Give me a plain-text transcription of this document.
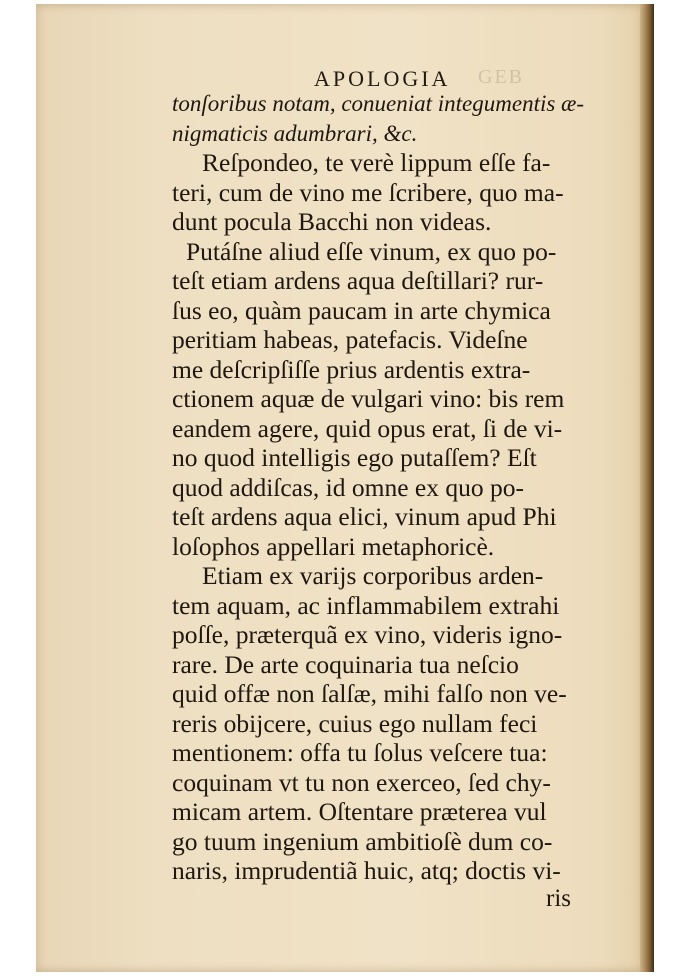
APOLOGIA GEB
tonſoribus notam, conueniat integumentis æ-
nigmaticis adumbrari, &c.
Reſpondeo, te verè lippum eſſe fa-
teri, cum de vino me ſcribere, quo ma-
dunt pocula Bacchi non videas.
Putáſne aliud eſſe vinum, ex quo po-
teſt etiam ardens aqua deſtillari? rur-
ſus eo, quàm paucam in arte chymica
peritiam habeas, patefacis. Videſne
me deſcripſiſſe prius ardentis extra-
ctionem aquæ de vulgari vino: bis rem
eandem agere, quid opus erat, ſi de vi-
no quod intelligis ego putaſſem? Eſt
quod addiſcas, id omne ex quo po-
teſt ardens aqua elici, vinum apud Phi
loſophos appellari metaphoricè.
Etiam ex varijs corporibus arden-
tem aquam, ac inflammabilem extrahi
poſſe, præterquã ex vino, videris igno-
rare. De arte coquinaria tua neſcio
quid offæ non ſalſæ, mihi falſo non ve-
reris obijcere, cuius ego nullam feci
mentionem: offa tu ſolus veſcere tua:
coquinam vt tu non exerceo, ſed chy-
micam artem. Oſtentare præterea vul
ris
go tuum ingenium ambitioſè dum co-
naris, imprudentiã huic, atq; doctis vi-
